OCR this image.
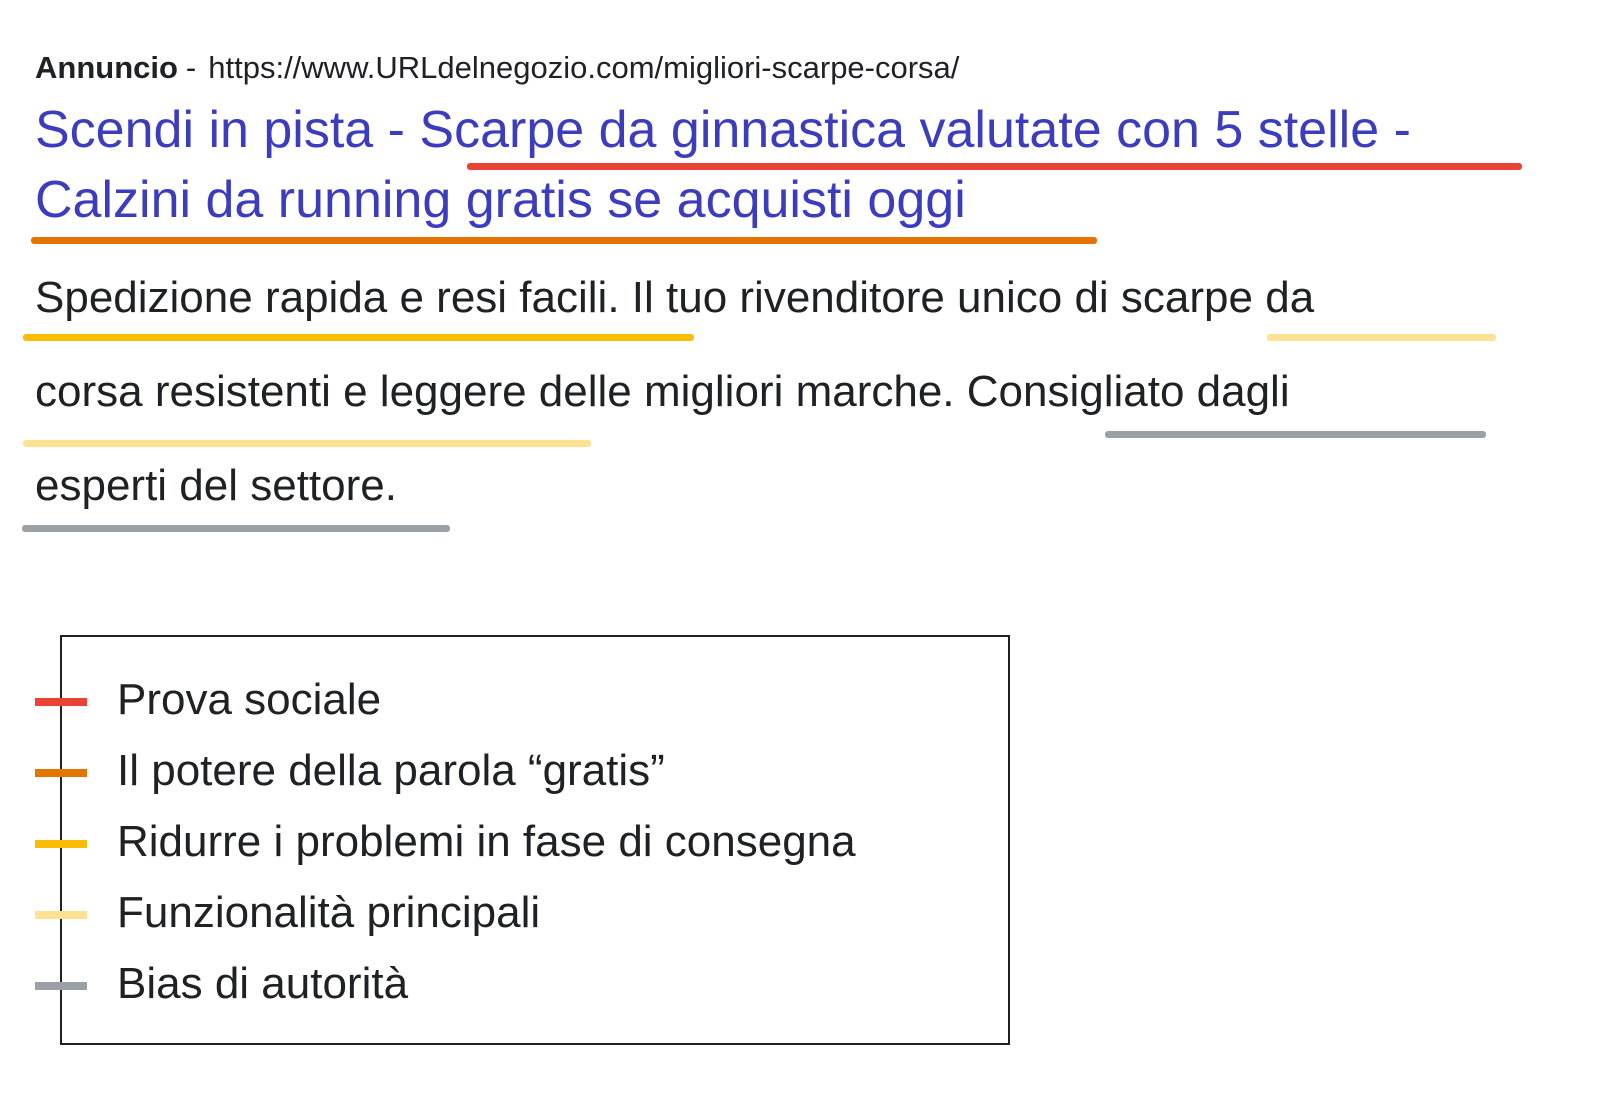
Annuncio - https://www.URLdelnegozio.com/migliori-scarpe-corsa/
Scendi in pista - Scarpe da ginnastica valutate con 5 stelle -
Calzini da running gratis se acquisti oggi
Spedizione rapida e resi facili. Il tuo rivenditore unico di scarpe da
corsa resistenti e leggere delle migliori marche. Consigliato dagli
esperti del settore.
Prova sociale
Il potere della parola “gratis”
Ridurre i problemi in fase di consegna
Funzionalità principali
Bias di autorità
